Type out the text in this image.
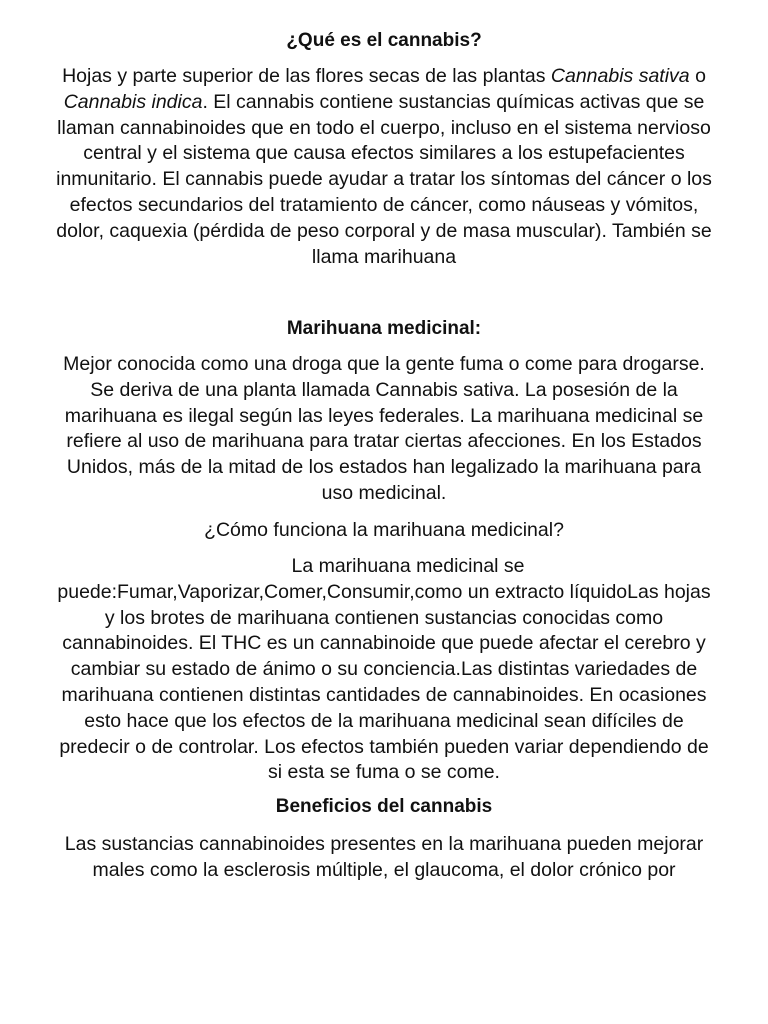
¿Qué es el cannabis?

Hojas y parte superior de las flores secas de las plantas Cannabis sativa o Cannabis indica. El cannabis contiene sustancias químicas activas que se llaman cannabinoides que en todo el cuerpo, incluso en el sistema nervioso central y el sistema que causa efectos similares a los estupefacientes inmunitario. El cannabis puede ayudar a tratar los síntomas del cáncer o los efectos secundarios del tratamiento de cáncer, como náuseas y vómitos, dolor, caquexia (pérdida de peso corporal y de masa muscular). También se llama marihuana

Marihuana medicinal:

Mejor conocida como una droga que la gente fuma o come para drogarse. Se deriva de una planta llamada Cannabis sativa. La posesión de la marihuana es ilegal según las leyes federales. La marihuana medicinal se refiere al uso de marihuana para tratar ciertas afecciones. En los Estados Unidos, más de la mitad de los estados han legalizado la marihuana para uso medicinal.

¿Cómo funciona la marihuana medicinal?

La marihuana medicinal se
puede:Fumar,Vaporizar,Comer,Consumir,como un extracto líquidoLas hojas y los brotes de marihuana contienen sustancias conocidas como cannabinoides. El THC es un cannabinoide que puede afectar el cerebro y cambiar su estado de ánimo o su conciencia.Las distintas variedades de marihuana contienen distintas cantidades de cannabinoides. En ocasiones esto hace que los efectos de la marihuana medicinal sean difíciles de predecir o de controlar. Los efectos también pueden variar dependiendo de si esta se fuma o se come.

Beneficios del cannabis

Las sustancias cannabinoides presentes en la marihuana pueden mejorar males como la esclerosis múltiple, el glaucoma, el dolor crónico por
